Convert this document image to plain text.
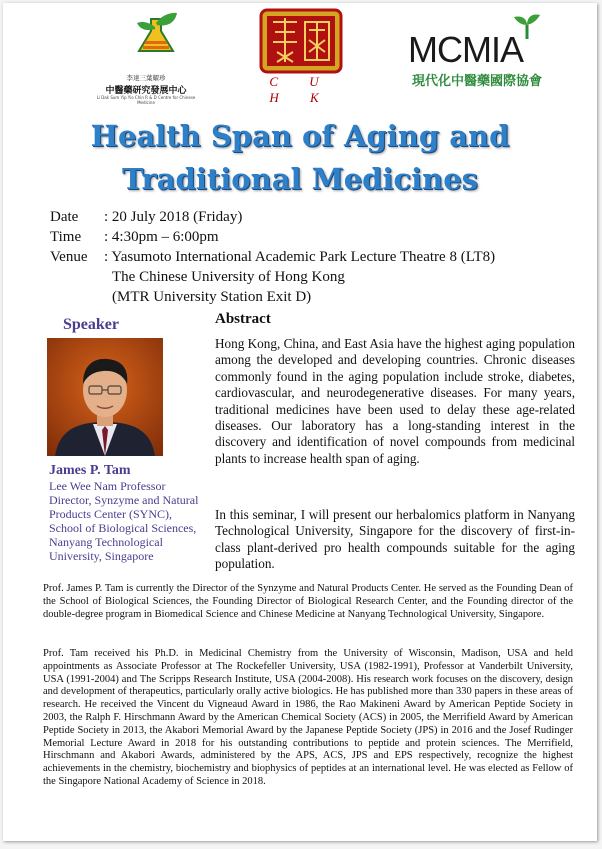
李達三葉耀珍
中醫藥研究發展中心
Li Dak Sum Yip Yio Chin R & D Centre for Chinese Medicine
C U H K
MCMIA
現代化中醫藥國際協會
Health Span of Aging and
Traditional Medicines
Date : 20 July 2018 (Friday)
Time : 4:30pm – 6:00pm
Venue : Yasumoto International Academic Park Lecture Theatre 8 (LT8)
The Chinese University of Hong Kong
(MTR University Station Exit D)
Speaker
James P. Tam
Lee Wee Nam Professor
Director, Synzyme and Natural Products Center (SYNC),
School of Biological Sciences,
Nanyang Technological University, Singapore
Abstract
Hong Kong, China, and East Asia have the highest aging population among the developed and developing countries. Chronic diseases commonly found in the aging population include stroke, diabetes, cardiovascular, and neurodegenerative diseases. For many years, traditional medicines have been used to delay these age-related diseases. Our laboratory has a long-standing interest in the discovery and identification of novel compounds from medicinal plants to increase health span of aging.
In this seminar, I will present our herbalomics platform in Nanyang Technological University, Singapore for the discovery of first-in-class plant-derived pro health compounds suitable for the aging population.
Prof. James P. Tam is currently the Director of the Synzyme and Natural Products Center. He served as the Founding Dean of the School of Biological Sciences, the Founding Director of Biological Research Center, and the Founding director of the double-degree program in Biomedical Science and Chinese Medicine at Nanyang Technological University, Singapore.
Prof. Tam received his Ph.D. in Medicinal Chemistry from the University of Wisconsin, Madison, USA and held appointments as Associate Professor at The Rockefeller University, USA (1982-1991), Professor at Vanderbilt University, USA (1991-2004) and The Scripps Research Institute, USA (2004-2008). His research work focuses on the discovery, design and development of therapeutics, particularly orally active biologics. He has published more than 330 papers in these areas of research. He received the Vincent du Vigneaud Award in 1986, the Rao Makineni Award by American Peptide Society in 2003, the Ralph F. Hirschmann Award by the American Chemical Society (ACS) in 2005, the Merrifield Award by American Peptide Society in 2013, the Akabori Memorial Award by the Japanese Peptide Society (JPS) in 2016 and the Josef Rudinger Memorial Lecture Award in 2018 for his outstanding contributions to peptide and protein sciences. The Merrifield, Hirschmann and Akabori Awards, administered by the APS, ACS, JPS and EPS respectively, recognize the highest achievements in the chemistry, biochemistry and biophysics of peptides at an international level. He was elected as Fellow of the Singapore National Academy of Science in 2018.
